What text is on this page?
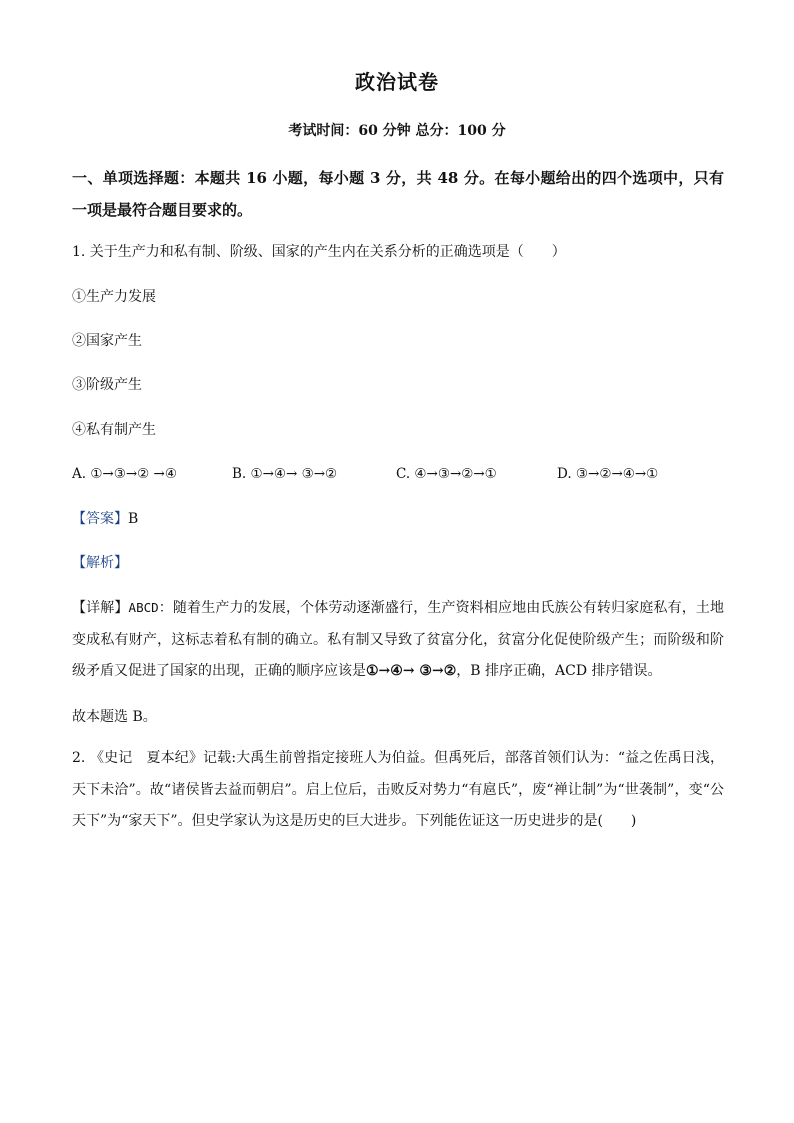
政治试卷
考试时间：60 分钟 总分：100 分
一、单项选择题：本题共 16 小题，每小题 3 分，共 48 分。在每小题给出的四个选项中，只有一项是最符合题目要求的。
1. 关于生产力和私有制、阶级、国家的产生内在关系分析的正确选项是（　　）
①生产力发展
②国家产生
③阶级产生
④私有制产生
A. ①→③→② →④	B. ①→④→ ③→②	C. ④→③→②→①	D. ③→②→④→①
【答案】B
【解析】
【详解】ABCD：随着生产力的发展，个体劳动逐渐盛行，生产资料相应地由氏族公有转归家庭私有，土地变成私有财产，这标志着私有制的确立。私有制又导致了贫富分化，贫富分化促使阶级产生；而阶级和阶级矛盾又促进了国家的出现，正确的顺序应该是①→④→ ③→②，B 排序正确，ACD 排序错误。
故本题选 B。
2. 《史记　夏本纪》记载:大禹生前曾指定接班人为伯益。但禹死后，部落首领们认为：“益之佐禹日浅，天下未洽”。故“诸侯皆去益而朝启”。启上位后，击败反对势力“有扈氏”，废“禅让制”为“世袭制”，变“公天下”为“家天下”。但史学家认为这是历史的巨大进步。下列能佐证这一历史进步的是(　　)
